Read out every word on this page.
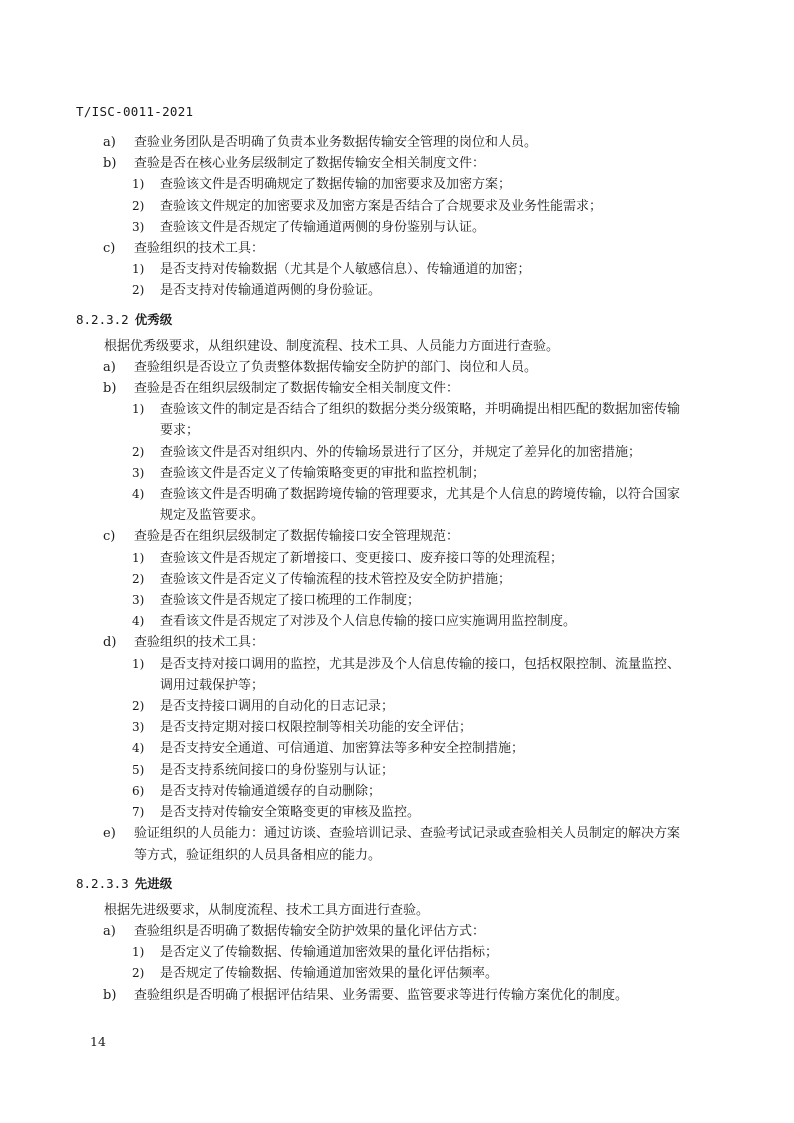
T/ISC-0011-2021
a) 查验业务团队是否明确了负责本业务数据传输安全管理的岗位和人员。
b) 查验是否在核心业务层级制定了数据传输安全相关制度文件：
1) 查验该文件是否明确规定了数据传输的加密要求及加密方案；
2) 查验该文件规定的加密要求及加密方案是否结合了合规要求及业务性能需求；
3) 查验该文件是否规定了传输通道两侧的身份鉴别与认证。
c) 查验组织的技术工具：
1) 是否支持对传输数据（尤其是个人敏感信息）、传输通道的加密；
2) 是否支持对传输通道两侧的身份验证。
8.2.3.2 优秀级
根据优秀级要求，从组织建设、制度流程、技术工具、人员能力方面进行查验。
a) 查验组织是否设立了负责整体数据传输安全防护的部门、岗位和人员。
b) 查验是否在组织层级制定了数据传输安全相关制度文件：
1) 查验该文件的制定是否结合了组织的数据分类分级策略，并明确提出相匹配的数据加密传输
要求；
2) 查验该文件是否对组织内、外的传输场景进行了区分，并规定了差异化的加密措施；
3) 查验该文件是否定义了传输策略变更的审批和监控机制；
4) 查验该文件是否明确了数据跨境传输的管理要求，尤其是个人信息的跨境传输，以符合国家
规定及监管要求。
c) 查验是否在组织层级制定了数据传输接口安全管理规范：
1) 查验该文件是否规定了新增接口、变更接口、废弃接口等的处理流程；
2) 查验该文件是否定义了传输流程的技术管控及安全防护措施；
3) 查验该文件是否规定了接口梳理的工作制度；
4) 查看该文件是否规定了对涉及个人信息传输的接口应实施调用监控制度。
d) 查验组织的技术工具：
1) 是否支持对接口调用的监控，尤其是涉及个人信息传输的接口，包括权限控制、流量监控、
调用过载保护等；
2) 是否支持接口调用的自动化的日志记录；
3) 是否支持定期对接口权限控制等相关功能的安全评估；
4) 是否支持安全通道、可信通道、加密算法等多种安全控制措施；
5) 是否支持系统间接口的身份鉴别与认证；
6) 是否支持对传输通道缓存的自动删除；
7) 是否支持对传输安全策略变更的审核及监控。
e) 验证组织的人员能力：通过访谈、查验培训记录、查验考试记录或查验相关人员制定的解决方案
等方式，验证组织的人员具备相应的能力。
8.2.3.3 先进级
根据先进级要求，从制度流程、技术工具方面进行查验。
a) 查验组织是否明确了数据传输安全防护效果的量化评估方式：
1) 是否定义了传输数据、传输通道加密效果的量化评估指标；
2) 是否规定了传输数据、传输通道加密效果的量化评估频率。
b) 查验组织是否明确了根据评估结果、业务需要、监管要求等进行传输方案优化的制度。
14
